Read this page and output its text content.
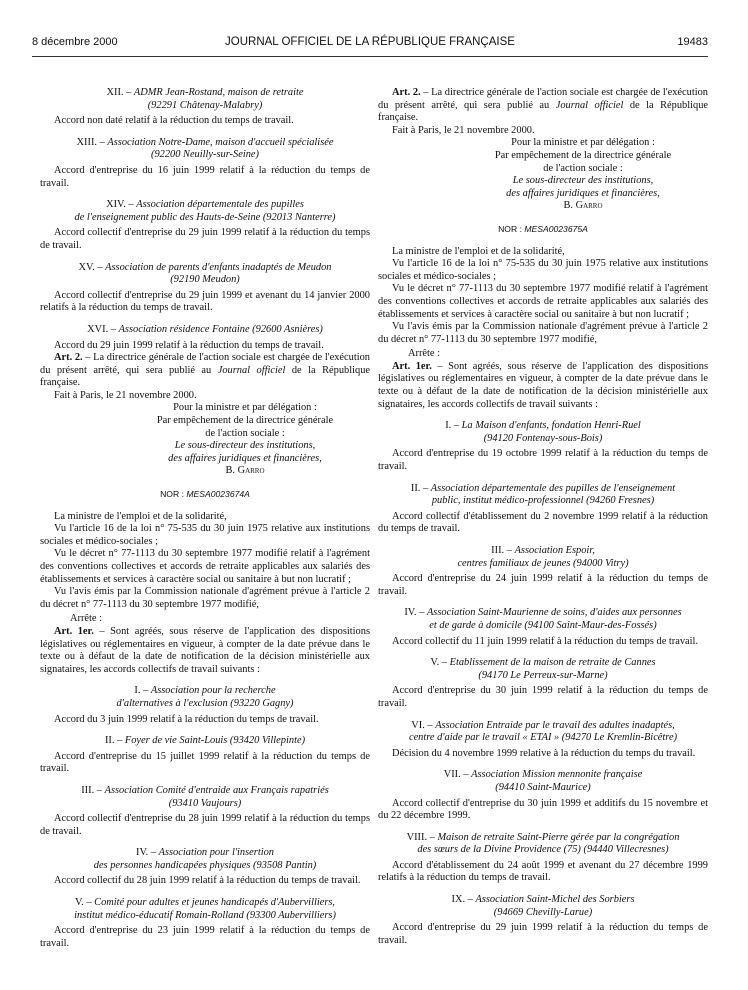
8 décembre 2000	JOURNAL OFFICIEL DE LA RÉPUBLIQUE FRANÇAISE	19483

XII. – ADMR Jean-Rostand, maison de retraite
(92291 Châtenay-Malabry)

Accord non daté relatif à la réduction du temps de travail.

XIII. – Association Notre-Dame, maison d'accueil spécialisée
(92200 Neuilly-sur-Seine)

Accord d'entreprise du 16 juin 1999 relatif à la réduction du temps de travail.

XIV. – Association départementale des pupilles
de l'enseignement public des Hauts-de-Seine (92013 Nanterre)

Accord collectif d'entreprise du 29 juin 1999 relatif à la réduction du temps de travail.

XV. – Association de parents d'enfants inadaptés de Meudon
(92190 Meudon)

Accord collectif d'entreprise du 29 juin 1999 et avenant du 14 janvier 2000 relatifs à la réduction du temps de travail.

XVI. – Association résidence Fontaine (92600 Asnières)

Accord du 29 juin 1999 relatif à la réduction du temps de travail.

Art. 2. – La directrice générale de l'action sociale est chargée de l'exécution du présent arrêté, qui sera publié au Journal officiel de la République française.

Fait à Paris, le 21 novembre 2000.

Pour la ministre et par délégation :

Par empêchement de la directrice générale

de l'action sociale :

Le sous-directeur des institutions,

des affaires juridiques et financières,

B. Garro

NOR : MESA0023674A

La ministre de l'emploi et de la solidarité,

Vu l'article 16 de la loi n° 75-535 du 30 juin 1975 relative aux institutions sociales et médico-sociales ;

Vu le décret n° 77-1113 du 30 septembre 1977 modifié relatif à l'agrément des conventions collectives et accords de retraite applicables aux salariés des établissements et services à caractère social ou sanitaire à but non lucratif ;

Vu l'avis émis par la Commission nationale d'agrément prévue à l'article 2 du décret n° 77-1113 du 30 septembre 1977 modifié,

Arrête :

Art. 1er. – Sont agréés, sous réserve de l'application des dispositions législatives ou réglementaires en vigueur, à compter de la date prévue dans le texte ou à défaut de la date de notification de la décision ministérielle aux signataires, les accords collectifs de travail suivants :

I. – Association pour la recherche
d'alternatives à l'exclusion (93220 Gagny)

Accord du 3 juin 1999 relatif à la réduction du temps de travail.

II. – Foyer de vie Saint-Louis (93420 Villepinte)

Accord d'entreprise du 15 juillet 1999 relatif à la réduction du temps de travail.

III. – Association Comité d'entraide aux Français rapatriés
(93410 Vaujours)

Accord collectif d'entreprise du 28 juin 1999 relatif à la réduction du temps de travail.

IV. – Association pour l'insertion
des personnes handicapées physiques (93508 Pantin)

Accord collectif du 28 juin 1999 relatif à la réduction du temps de travail.

V. – Comité pour adultes et jeunes handicapés d'Aubervilliers,
institut médico-éducatif Romain-Rolland (93300 Aubervilliers)

Accord d'entreprise du 23 juin 1999 relatif à la réduction du temps de travail.

Art. 2. – La directrice générale de l'action sociale est chargée de l'exécution du présent arrêté, qui sera publié au Journal officiel de la République française.

Fait à Paris, le 21 novembre 2000.

Pour la ministre et par délégation :

Par empêchement de la directrice générale

de l'action sociale :

Le sous-directeur des institutions,

des affaires juridiques et financières,

B. Garro

NOR : MESA0023675A

La ministre de l'emploi et de la solidarité,

Vu l'article 16 de la loi n° 75-535 du 30 juin 1975 relative aux institutions sociales et médico-sociales ;

Vu le décret n° 77-1113 du 30 septembre 1977 modifié relatif à l'agrément des conventions collectives et accords de retraite applicables aux salariés des établissements et services à caractère social ou sanitaire à but non lucratif ;

Vu l'avis émis par la Commission nationale d'agrément prévue à l'article 2 du décret n° 77-1113 du 30 septembre 1977 modifié,

Arrête :

Art. 1er. – Sont agréés, sous réserve de l'application des dispositions législatives ou réglementaires en vigueur, à compter de la date prévue dans le texte ou à défaut de la date de notification de la décision ministérielle aux signataires, les accords collectifs de travail suivants :

I. – La Maison d'enfants, fondation Henri-Ruel
(94120 Fontenay-sous-Bois)

Accord d'entreprise du 19 octobre 1999 relatif à la réduction du temps de travail.

II. – Association départementale des pupilles de l'enseignement
public, institut médico-professionnel (94260 Fresnes)

Accord collectif d'établissement du 2 novembre 1999 relatif à la réduction du temps de travail.

III. – Association Espoir,
centres familiaux de jeunes (94000 Vitry)

Accord d'entreprise du 24 juin 1999 relatif à la réduction du temps de travail.

IV. – Association Saint-Maurienne de soins, d'aides aux personnes
et de garde à domicile (94100 Saint-Maur-des-Fossés)

Accord collectif du 11 juin 1999 relatif à la réduction du temps de travail.

V. – Etablissement de la maison de retraite de Cannes
(94170 Le Perreux-sur-Marne)

Accord d'entreprise du 30 juin 1999 relatif à la réduction du temps de travail.

VI. – Association Entraide par le travail des adultes inadaptés,
centre d'aide par le travail « ETAI » (94270 Le Kremlin-Bicêtre)

Décision du 4 novembre 1999 relative à la réduction du temps du travail.

VII. – Association Mission mennonite française
(94410 Saint-Maurice)

Accord collectif d'entreprise du 30 juin 1999 et additifs du 15 novembre et du 22 décembre 1999.

VIII. – Maison de retraite Saint-Pierre gérée par la congrégation
des sœurs de la Divine Providence (75) (94440 Villecresnes)

Accord d'établissement du 24 août 1999 et avenant du 27 décembre 1999 relatifs à la réduction du temps de travail.

IX. – Association Saint-Michel des Sorbiers
(94669 Chevilly-Larue)

Accord d'entreprise du 29 juin 1999 relatif à la réduction du temps de travail.
